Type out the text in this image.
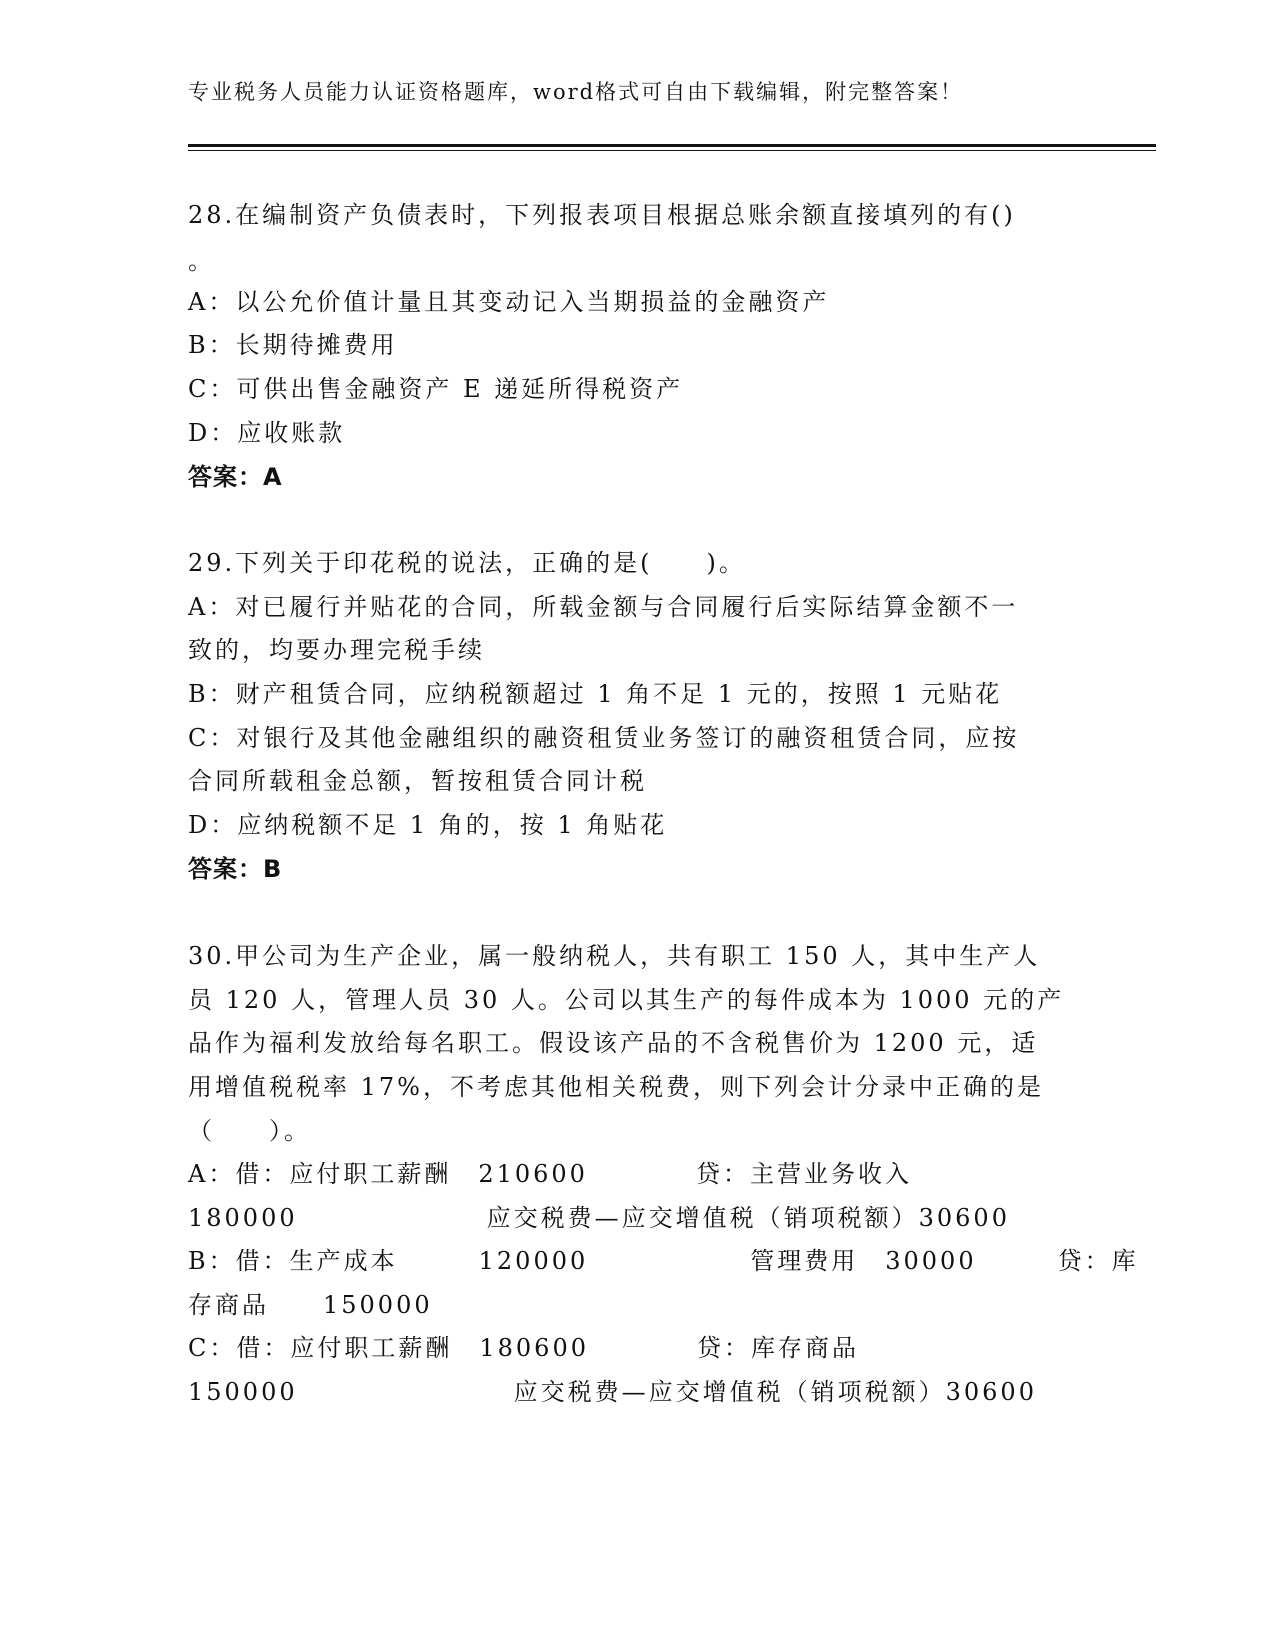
专业税务人员能力认证资格题库，word格式可自由下载编辑，附完整答案！
28.在编制资产负债表时，下列报表项目根据总账余额直接填列的有()
。
A：以公允价值计量且其变动记入当期损益的金融资产
B：长期待摊费用
C：可供出售金融资产 E 递延所得税资产
D：应收账款
答案：A
29.下列关于印花税的说法，正确的是(　　)。
A：对已履行并贴花的合同，所载金额与合同履行后实际结算金额不一
致的，均要办理完税手续
B：财产租赁合同，应纳税额超过 1 角不足 1 元的，按照 1 元贴花
C：对银行及其他金融组织的融资租赁业务签订的融资租赁合同，应按
合同所载租金总额，暂按租赁合同计税
D：应纳税额不足 1 角的，按 1 角贴花
答案：B
30.甲公司为生产企业，属一般纳税人，共有职工 150 人，其中生产人
员 120 人，管理人员 30 人。公司以其生产的每件成本为 1000 元的产
品作为福利发放给每名职工。假设该产品的不含税售价为 1200 元，适
用增值税税率 17%，不考虑其他相关税费，则下列会计分录中正确的是
（　　）。
A：借：应付职工薪酬　210600　　　　贷：主营业务收入
180000　　　　　　　应交税费—应交增值税（销项税额）30600
B：借：生产成本　　　120000　　　　　　管理费用　30000　　　贷：库
存商品　　150000
C：借：应付职工薪酬　180600　　　　贷：库存商品
150000　　　　　　　　应交税费—应交增值税（销项税额）30600
